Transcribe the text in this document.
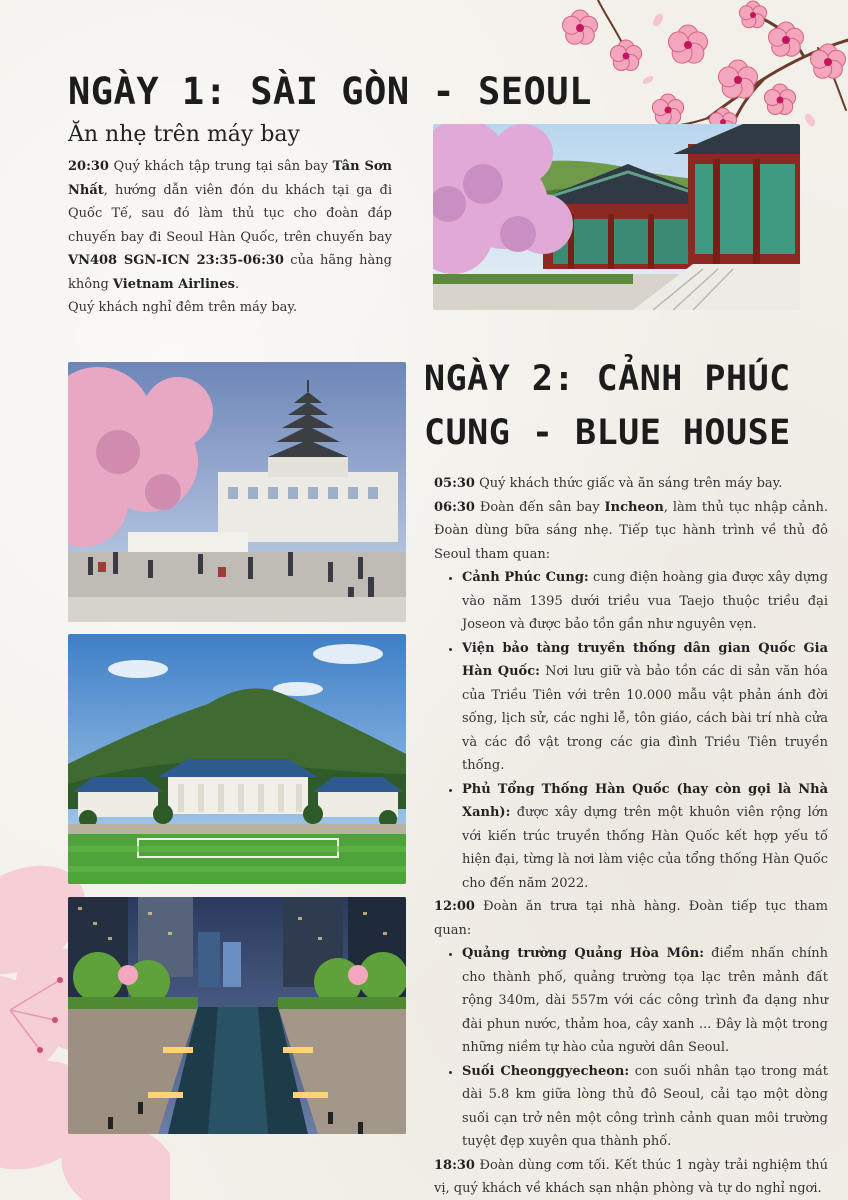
NGÀY 1: SÀI GÒN - SEOUL
Ăn nhẹ trên máy bay

20:30 Quý khách tập trung tại sân bay Tân Sơn Nhất, hướng dẫn viên đón du khách tại ga đi Quốc Tế, sau đó làm thủ tục cho đoàn đáp chuyến bay đi Seoul Hàn Quốc, trên chuyến bay VN408 SGN-ICN 23:35-06:30 của hãng hàng không Vietnam Airlines.

Quý khách nghỉ đêm trên máy bay.

NGÀY 2: CẢNH PHÚC CUNG - BLUE HOUSE

05:30 Quý khách thức giấc và ăn sáng trên máy bay.

06:30 Đoàn đến sân bay Incheon, làm thủ tục nhập cảnh. Đoàn dùng bữa sáng nhẹ. Tiếp tục hành trình về thủ đô Seoul tham quan:

• Cảnh Phúc Cung: cung điện hoàng gia được xây dựng vào năm 1395 dưới triều vua Taejo thuộc triều đại Joseon và được bảo tồn gần như nguyên vẹn.
• Viện bảo tàng truyền thống dân gian Quốc Gia Hàn Quốc: Nơi lưu giữ và bảo tồn các di sản văn hóa của Triều Tiên với trên 10.000 mẫu vật phản ánh đời sống, lịch sử, các nghi lễ, tôn giáo, cách bài trí nhà cửa và các đồ vật trong các gia đình Triều Tiên truyền thống.
• Phủ Tổng Thống Hàn Quốc (hay còn gọi là Nhà Xanh): được xây dựng trên một khuôn viên rộng lớn với kiến trúc truyền thống Hàn Quốc kết hợp yếu tố hiện đại, từng là nơi làm việc của tổng thống Hàn Quốc cho đến năm 2022.

12:00 Đoàn ăn trưa tại nhà hàng. Đoàn tiếp tục tham quan:

• Quảng trường Quảng Hòa Môn: điểm nhấn chính cho thành phố, quảng trường tọa lạc trên mảnh đất rộng 340m, dài 557m với các công trình đa dạng như đài phun nước, thảm hoa, cây xanh ... Đây là một trong những niềm tự hào của người dân Seoul.
• Suối Cheonggyecheon: con suối nhân tạo trong mát dài 5.8 km giữa lòng thủ đô Seoul, cải tạo một dòng suối cạn trở nên một công trình cảnh quan môi trường tuyệt đẹp xuyên qua thành phố.

18:30 Đoàn dùng cơm tối. Kết thúc 1 ngày trải nghiệm thú vị, quý khách về khách sạn nhận phòng và tự do nghỉ ngơi.
